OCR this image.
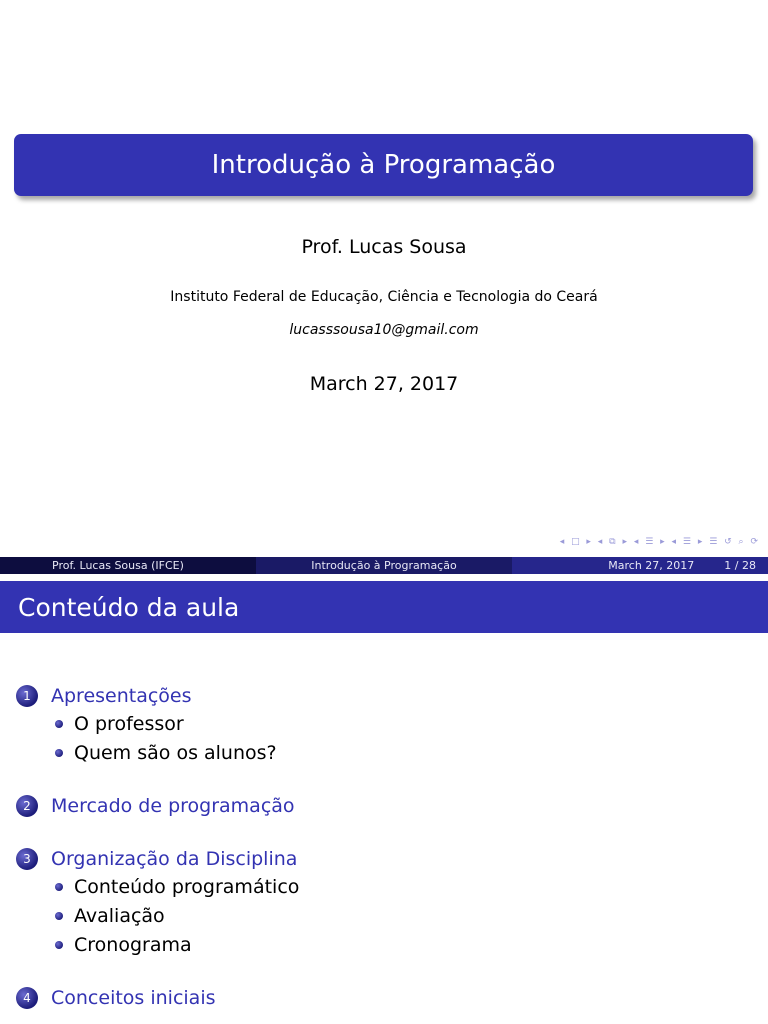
Introdução à Programação
Prof. Lucas Sousa
Instituto Federal de Educação, Ciência e Tecnologia do Ceará
lucasssousa10@gmail.com
March 27, 2017
◂ □ ▸ ◂ ⧉ ▸ ◂ ☰ ▸ ◂ ☰ ▸ ☰ ↺ ⌕ ⟳
Prof. Lucas Sousa (IFCE)	Introdução à Programação	March 27, 2017	1 / 28
Conteúdo da aula
1	Apresentações
O professor
Quem são os alunos?
2	Mercado de programação
3	Organização da Disciplina
Conteúdo programático
Avaliação
Cronograma
4	Conceitos iniciais
